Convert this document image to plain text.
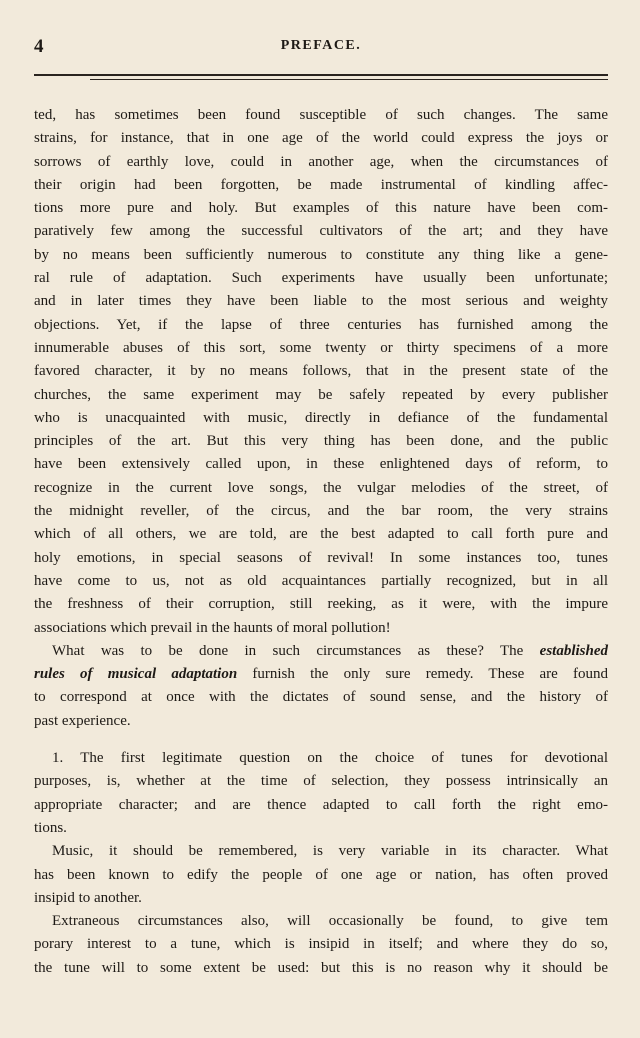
4	PREFACE.
ted, has sometimes been found susceptible of such changes. The same
strains, for instance, that in one age of the world could express the joys or
sorrows of earthly love, could in another age, when the circumstances of
their origin had been forgotten, be made instrumental of kindling affec-
tions more pure and holy. But examples of this nature have been com-
paratively few among the successful cultivators of the art; and they have
by no means been sufficiently numerous to constitute any thing like a gene-
ral rule of adaptation. Such experiments have usually been unfortunate;
and in later times they have been liable to the most serious and weighty
objections. Yet, if the lapse of three centuries has furnished among the
innumerable abuses of this sort, some twenty or thirty specimens of a more
favored character, it by no means follows, that in the present state of the
churches, the same experiment may be safely repeated by every publisher
who is unacquainted with music, directly in defiance of the fundamental
principles of the art. But this very thing has been done, and the public
have been extensively called upon, in these enlightened days of reform, to
recognize in the current love songs, the vulgar melodies of the street, of
the midnight reveller, of the circus, and the bar room, the very strains
which of all others, we are told, are the best adapted to call forth pure and
holy emotions, in special seasons of revival! In some instances too, tunes
have come to us, not as old acquaintances partially recognized, but in all
the freshness of their corruption, still reeking, as it were, with the impure
associations which prevail in the haunts of moral pollution!
What was to be done in such circumstances as these? The established
rules of musical adaptation furnish the only sure remedy. These are found
to correspond at once with the dictates of sound sense, and the history of
past experience.
1. The first legitimate question on the choice of tunes for devotional
purposes, is, whether at the time of selection, they possess intrinsically an
appropriate character; and are thence adapted to call forth the right emo-
tions.
Music, it should be remembered, is very variable in its character. What
has been known to edify the people of one age or nation, has often proved
insipid to another.
Extraneous circumstances also, will occasionally be found, to give tem
porary interest to a tune, which is insipid in itself; and where they do so,
the tune will to some extent be used: but this is no reason why it should be
